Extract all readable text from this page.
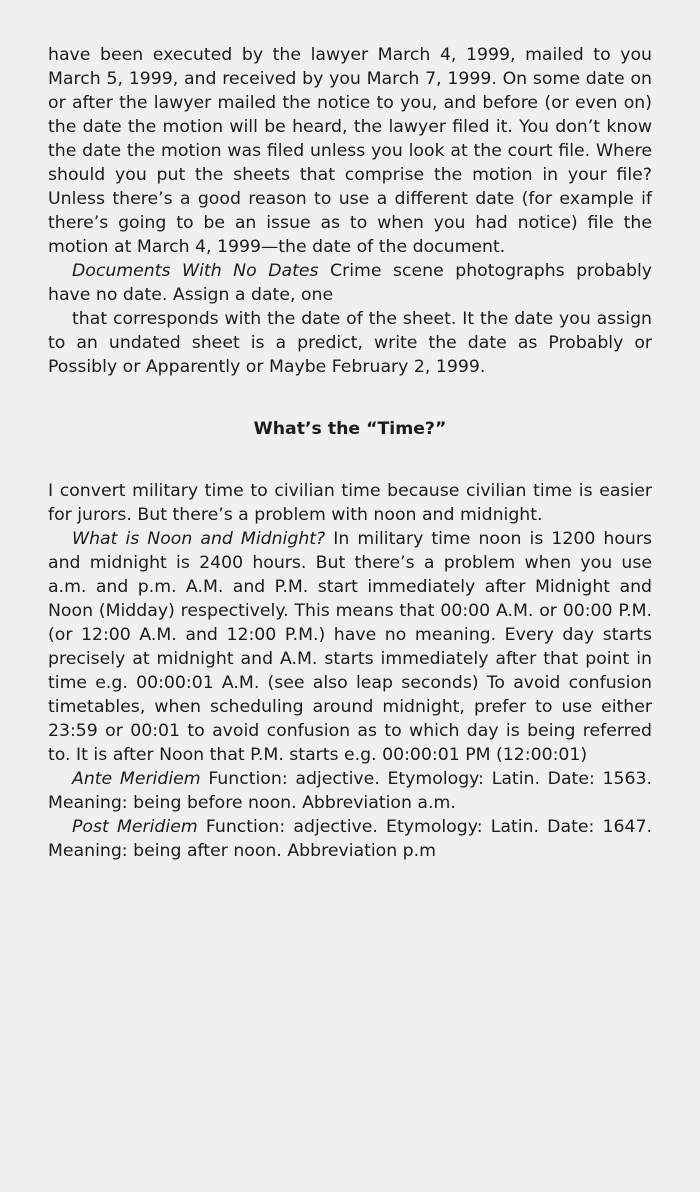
have been executed by the lawyer March 4, 1999, mailed to you March 5, 1999, and received by you March 7, 1999. On some date on or after the lawyer mailed the notice to you, and before (or even on) the date the motion will be heard, the lawyer filed it. You don’t know the date the motion was filed unless you look at the court file. Where should you put the sheets that comprise the motion in your file? Unless there’s a good reason to use a different date (for example if there’s going to be an issue as to when you had notice) file the motion at March 4, 1999—the date of the document.

Documents With No Dates Crime scene photographs probably have no date. Assign a date, one

that corresponds with the date of the sheet. It the date you assign to an undated sheet is a predict, write the date as Probably or Possibly or Apparently or Maybe February 2, 1999.

What’s the “Time?”

I convert military time to civilian time because civilian time is easier for jurors. But there’s a problem with noon and midnight.

What is Noon and Midnight? In military time noon is 1200 hours and midnight is 2400 hours. But there’s a problem when you use a.m. and p.m. A.M. and P.M. start immediately after Midnight and Noon (Midday) respectively. This means that 00:00 A.M. or 00:00 P.M. (or 12:00 A.M. and 12:00 P.M.) have no meaning. Every day starts precisely at midnight and A.M. starts immediately after that point in time e.g. 00:00:01 A.M. (see also leap seconds) To avoid confusion timetables, when scheduling around midnight, prefer to use either 23:59 or 00:01 to avoid confusion as to which day is being referred to. It is after Noon that P.M. starts e.g. 00:00:01 PM (12:00:01)

Ante Meridiem Function: adjective. Etymology: Latin. Date: 1563. Meaning: being before noon. Abbreviation a.m.

Post Meridiem Function: adjective. Etymology: Latin. Date: 1647. Meaning: being after noon. Abbreviation p.m
